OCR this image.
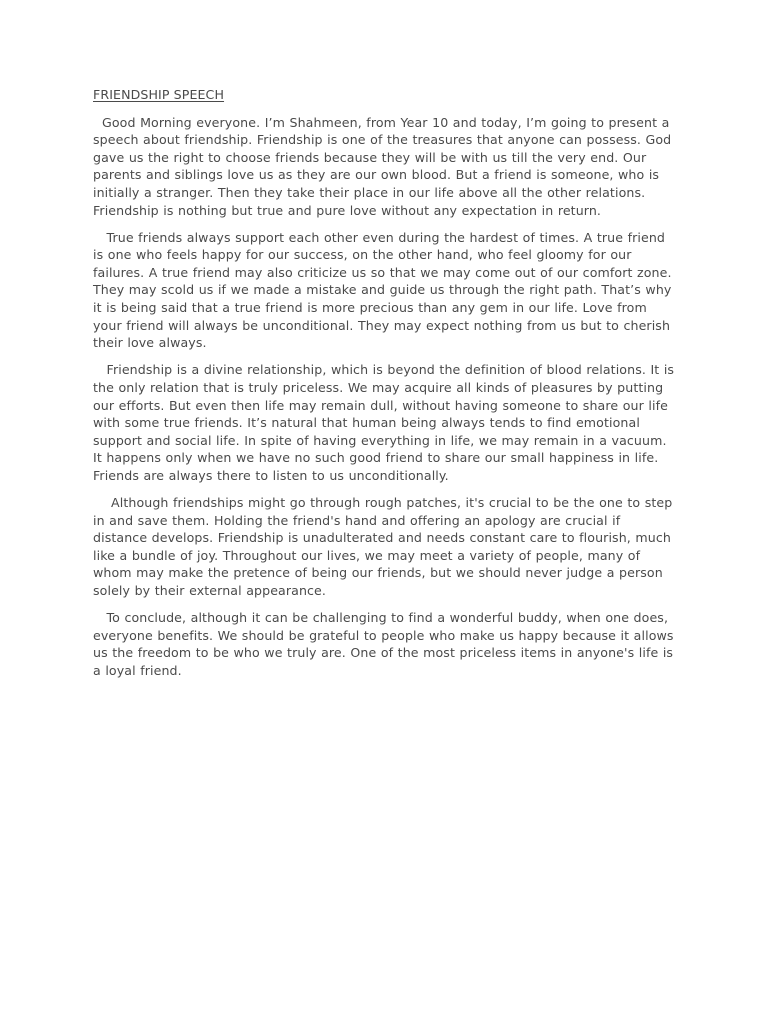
FRIENDSHIP SPEECH

Good Morning everyone. I’m Shahmeen, from Year 10 and today, I’m going to present a speech about friendship. Friendship is one of the treasures that anyone can possess. God gave us the right to choose friends because they will be with us till the very end. Our parents and siblings love us as they are our own blood. But a friend is someone, who is initially a stranger. Then they take their place in our life above all the other relations. Friendship is nothing but true and pure love without any expectation in return.

True friends always support each other even during the hardest of times. A true friend is one who feels happy for our success, on the other hand, who feel gloomy for our failures. A true friend may also criticize us so that we may come out of our comfort zone. They may scold us if we made a mistake and guide us through the right path. That’s why it is being said that a true friend is more precious than any gem in our life. Love from your friend will always be unconditional. They may expect nothing from us but to cherish their love always.

Friendship is a divine relationship, which is beyond the definition of blood relations. It is the only relation that is truly priceless. We may acquire all kinds of pleasures by putting our efforts. But even then life may remain dull, without having someone to share our life with some true friends. It’s natural that human being always tends to find emotional support and social life. In spite of having everything in life, we may remain in a vacuum. It happens only when we have no such good friend to share our small happiness in life. Friends are always there to listen to us unconditionally.

Although friendships might go through rough patches, it's crucial to be the one to step in and save them. Holding the friend's hand and offering an apology are crucial if distance develops. Friendship is unadulterated and needs constant care to flourish, much like a bundle of joy. Throughout our lives, we may meet a variety of people, many of whom may make the pretence of being our friends, but we should never judge a person solely by their external appearance.

To conclude, although it can be challenging to find a wonderful buddy, when one does, everyone benefits. We should be grateful to people who make us happy because it allows us the freedom to be who we truly are. One of the most priceless items in anyone's life is a loyal friend.
